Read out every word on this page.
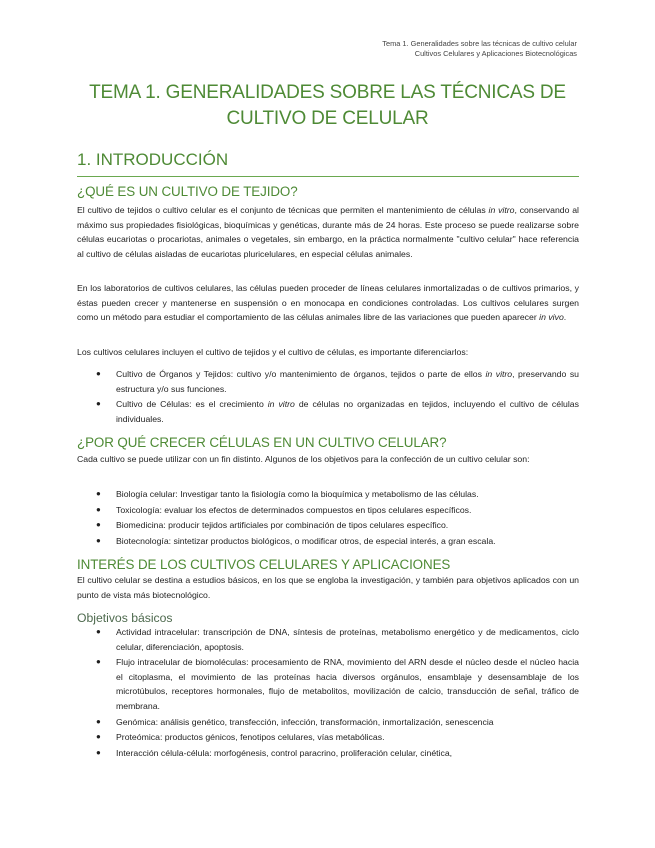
Tema 1. Generalidades sobre las técnicas de cultivo celular
Cultivos Celulares y Aplicaciones Biotecnológicas
TEMA 1. GENERALIDADES SOBRE LAS TÉCNICAS DE CULTIVO DE CELULAR
1. INTRODUCCIÓN
¿QUÉ ES UN CULTIVO DE TEJIDO?
El cultivo de tejidos o cultivo celular es el conjunto de técnicas que permiten el mantenimiento de células in vitro, conservando al máximo sus propiedades fisiológicas, bioquímicas y genéticas, durante más de 24 horas. Este proceso se puede realizarse sobre células eucariotas o procariotas, animales o vegetales, sin embargo, en la práctica normalmente "cultivo celular" hace referencia al cultivo de células aisladas de eucariotas pluricelulares, en especial células animales.
En los laboratorios de cultivos celulares, las células pueden proceder de líneas celulares inmortalizadas o de cultivos primarios, y éstas pueden crecer y mantenerse en suspensión o en monocapa en condiciones controladas. Los cultivos celulares surgen como un método para estudiar el comportamiento de las células animales libre de las variaciones que pueden aparecer in vivo.
Los cultivos celulares incluyen el cultivo de tejidos y el cultivo de células, es importante diferenciarlos:
● Cultivo de Órganos y Tejidos: cultivo y/o mantenimiento de órganos, tejidos o parte de ellos in vitro, preservando su estructura y/o sus funciones.
● Cultivo de Células: es el crecimiento in vitro de células no organizadas en tejidos, incluyendo el cultivo de células individuales.
¿POR QUÉ CRECER CÉLULAS EN UN CULTIVO CELULAR?
Cada cultivo se puede utilizar con un fin distinto. Algunos de los objetivos para la confección de un cultivo celular son:
● Biología celular: Investigar tanto la fisiología como la bioquímica y metabolismo de las células.
● Toxicología: evaluar los efectos de determinados compuestos en tipos celulares específicos.
● Biomedicina: producir tejidos artificiales por combinación de tipos celulares específico.
● Biotecnología: sintetizar productos biológicos, o modificar otros, de especial interés, a gran escala.
INTERÉS DE LOS CULTIVOS CELULARES Y APLICACIONES
El cultivo celular se destina a estudios básicos, en los que se engloba la investigación, y también para objetivos aplicados con un punto de vista más biotecnológico.
Objetivos básicos
● Actividad intracelular: transcripción de DNA, síntesis de proteínas, metabolismo energético y de medicamentos, ciclo celular, diferenciación, apoptosis.
● Flujo intracelular de biomoléculas: procesamiento de RNA, movimiento del ARN desde el núcleo desde el núcleo hacia el citoplasma, el movimiento de las proteínas hacia diversos orgánulos, ensamblaje y desensamblaje de los microtúbulos, receptores hormonales, flujo de metabolitos, movilización de calcio, transducción de señal, tráfico de membrana.
● Genómica: análisis genético, transfección, infección, transformación, inmortalización, senescencia
● Proteómica: productos génicos, fenotipos celulares, vías metabólicas.
● Interacción célula-célula: morfogénesis, control paracrino, proliferación celular, cinética,
